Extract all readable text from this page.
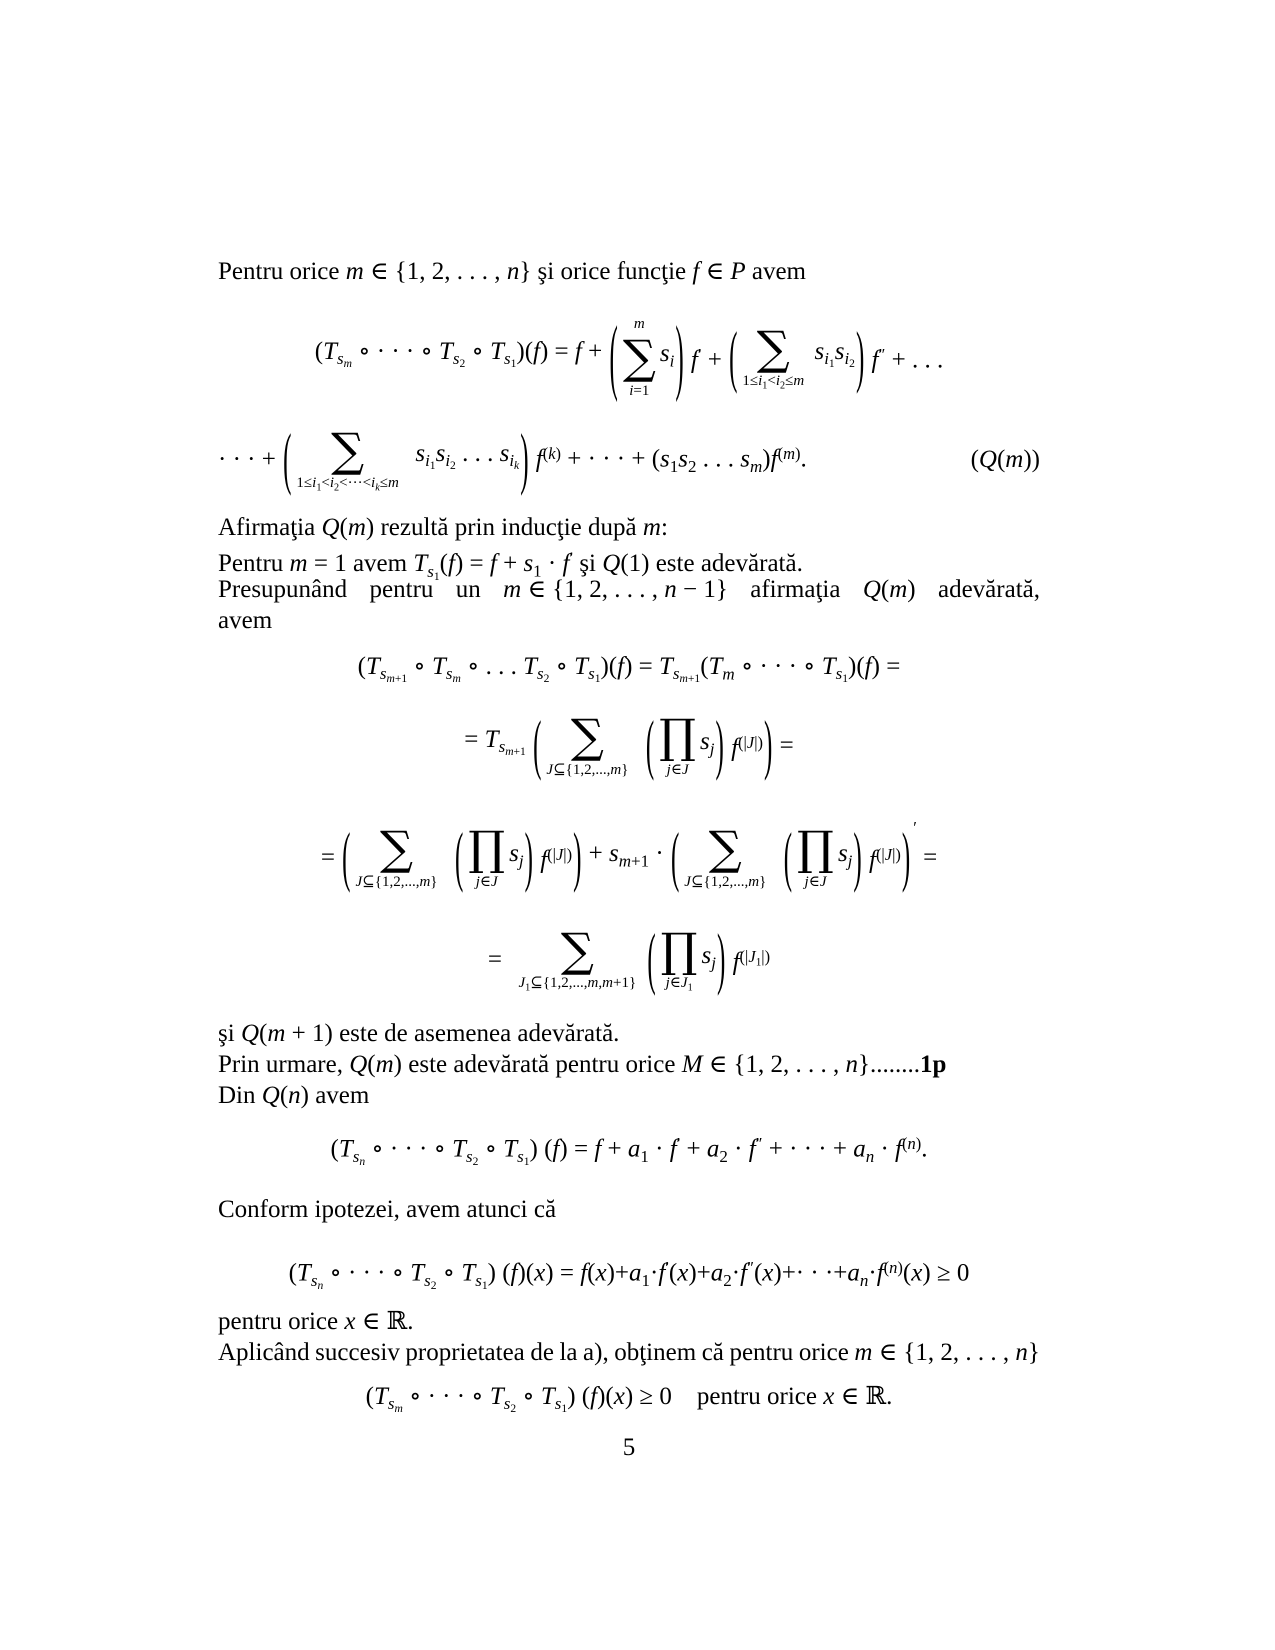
Pentru orice m ∈ {1, 2, . . . , n} şi orice funcţie f ∈ P avem
($T_{s_m}$ ∘ · · · ∘ $T_{s_2}$ ∘ $T_{s_1})(f) = f$ + ( m
∑
i=1
$s_i$ ) f′ + ( ∑
$1\le i_1<i_2\le m$
$s_{i_1}s_{i_2}$ ) f″ + . . .
· · · + ( ∑
$1\le i_1<i_2<\cdot\cdot\cdot<i_k\le m$
$s_{i_1}s_{i_2}$ . . . $s_{i_k}$ ) $f^{(k)}$ + · · · + ($s_1s_2$ . . . $s_m)f^{(m)}$.	(Q(m))
Afirmaţia Q(m) rezultă prin inducţie după m:
Pentru m = 1 avem $T_{s_1}(f) = f + s_1 \cdot f'$ şi Q(1) este adevărată.
Presupunând pentru un m ∈ {1, 2, . . . , n − 1} afirmaţia Q(m) adevărată,
avem
($T_{s_{m+1}}$ ∘ $T_{s_m}$ ∘ . . . $T_{s_2}$ ∘ $T_{s_1})(f) = T_{s_{m+1}}(T_m$ ∘ · · · ∘ $T_{s_1})(f)$ =
= $T_{s_{m+1}}$ ( ∑
J⊆{1,2,...,m}
( ∏
j∈J
$s_j$ ) $f^{(|J|)}$ ) =
= ( ∑
J⊆{1,2,...,m}
( ∏
j∈J
$s_j$ ) $f^{(|J|)}$ ) + $s_{m+1}$ · ( ∑
J⊆{1,2,...,m}
( ∏
j∈J
$s_j$ ) $f^{(|J|)}$ ) ′
=
= ∑
$J_1⊆\{1,2,...,m,m+1\}$
( ∏
$j\in J_1$
$s_j$ ) $f^{(|J_1|)}$
şi Q(m + 1) este de asemenea adevărată.
Prin urmare, Q(m) este adevărată pentru orice M ∈ {1, 2, . . . , n}........1p
Din Q(n) avem
($T_{s_n}$ ∘ · · · ∘ $T_{s_2}$ ∘ $T_{s_1}$) $(f) = f + a_1 \cdot f' + a_2 \cdot f''$ + · · · + $a_n \cdot f^{(n)}$.
Conform ipotezei, avem atunci că
($T_{s_n}$ ∘ · · · ∘ $T_{s_2}$ ∘ $T_{s_1}$) $(f)(x) = f(x)+a_1\cdot f'(x)+a_2\cdot f''(x)+\cdot \cdot \cdot+a_n\cdot f^{(n)}(x) \ge 0$
pentru orice x ∈ ℝ.
Aplicând succesiv proprietatea de la a), obţinem că pentru orice m ∈ {1, 2, . . . , n}
($T_{s_m}$ ∘ · · · ∘ $T_{s_2}$ ∘ $T_{s_1}$) (f)(x) ≥ 0    pentru orice x ∈ ℝ.
5
